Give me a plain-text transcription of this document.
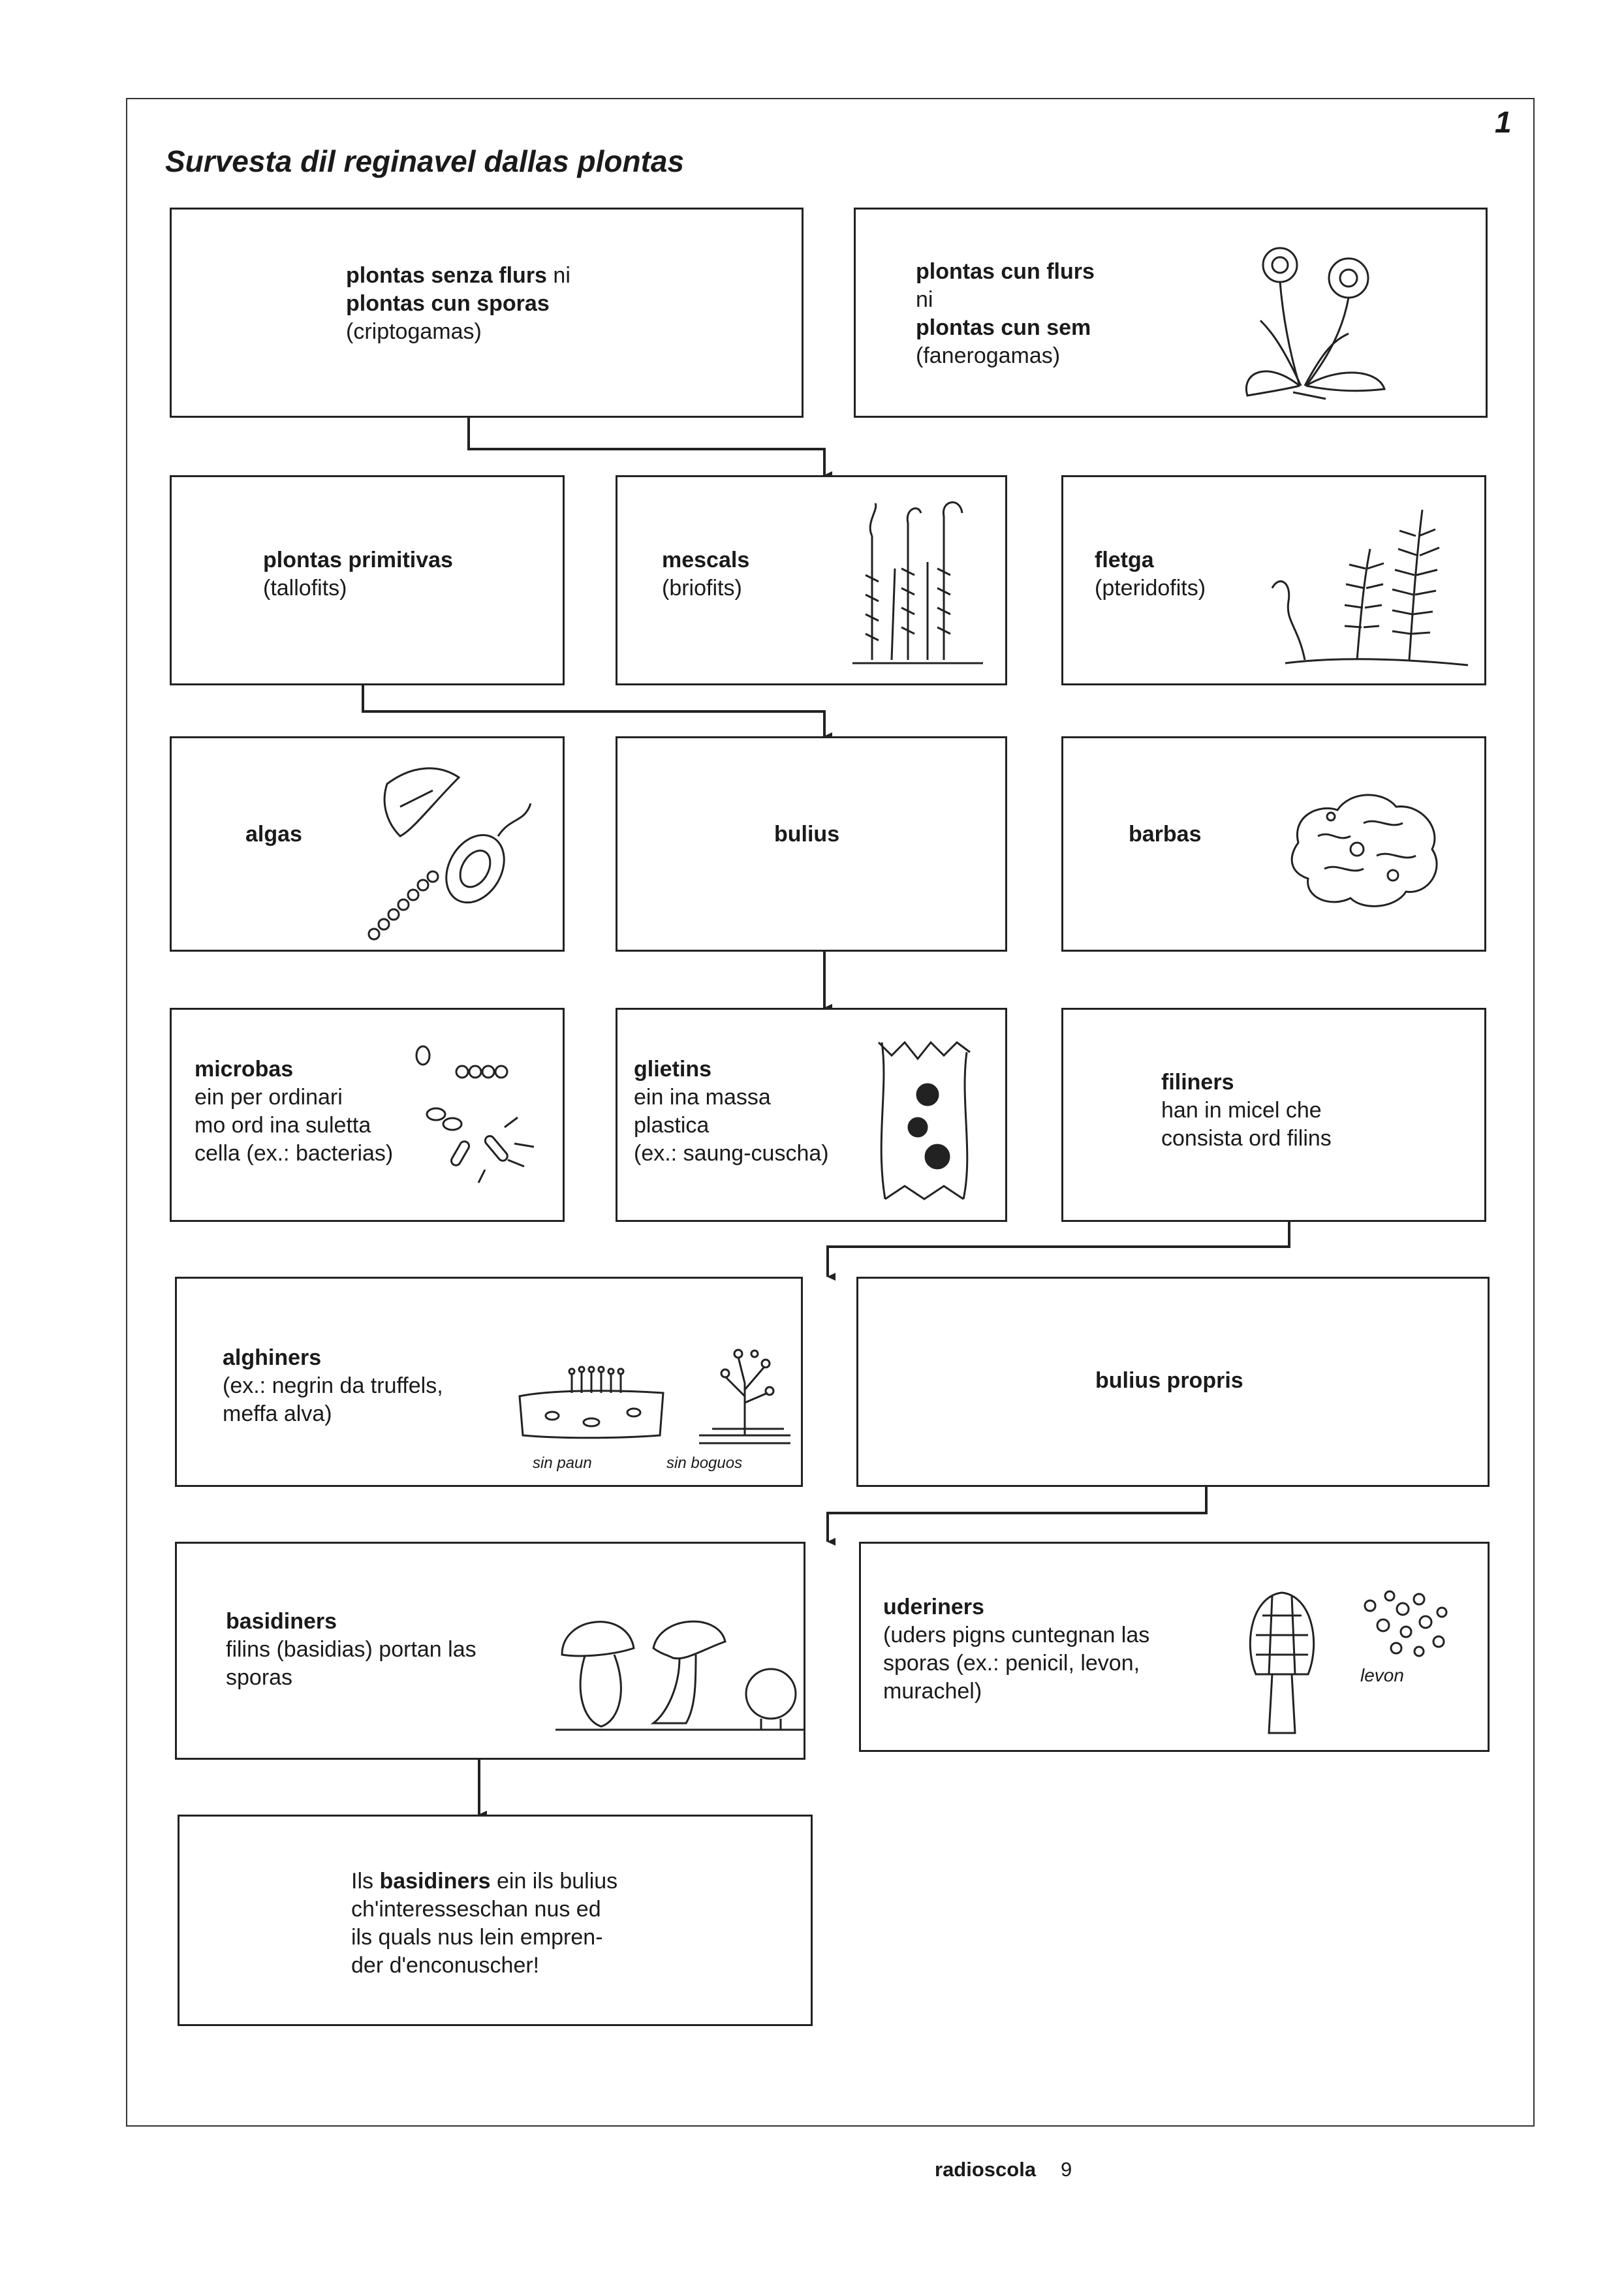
1
Survesta dil reginavel dallas plontas
plontas senza flurs ni
plontas cun sporas
(criptogamas)
plontas cun flurs
ni
plontas cun sem
(fanerogamas)
plontas primitivas
(tallofits)
mescals
(briofits)
fletga
(pteridofits)
algas	bulius	barbas
microbas
ein per ordinari
mo ord ina suletta
cella (ex.: bacterias)
glietins
ein ina massa
plastica
(ex.: saung-cuscha)
filiners
han in micel che
consista ord filins
alghiners
(ex.: negrin da truffels,
meffa alva)
sin paun	sin boguos
bulius propris
basidiners
filins (basidias) portan las
sporas
uderiners
(uders pigns cuntegnan las
sporas (ex.: penicil, levon,
murachel)
levon
Ils basidiners ein ils bulius
ch'interesseschan nus ed
ils quals nus lein empren-
der d'enconuscher!
radioscola 9
